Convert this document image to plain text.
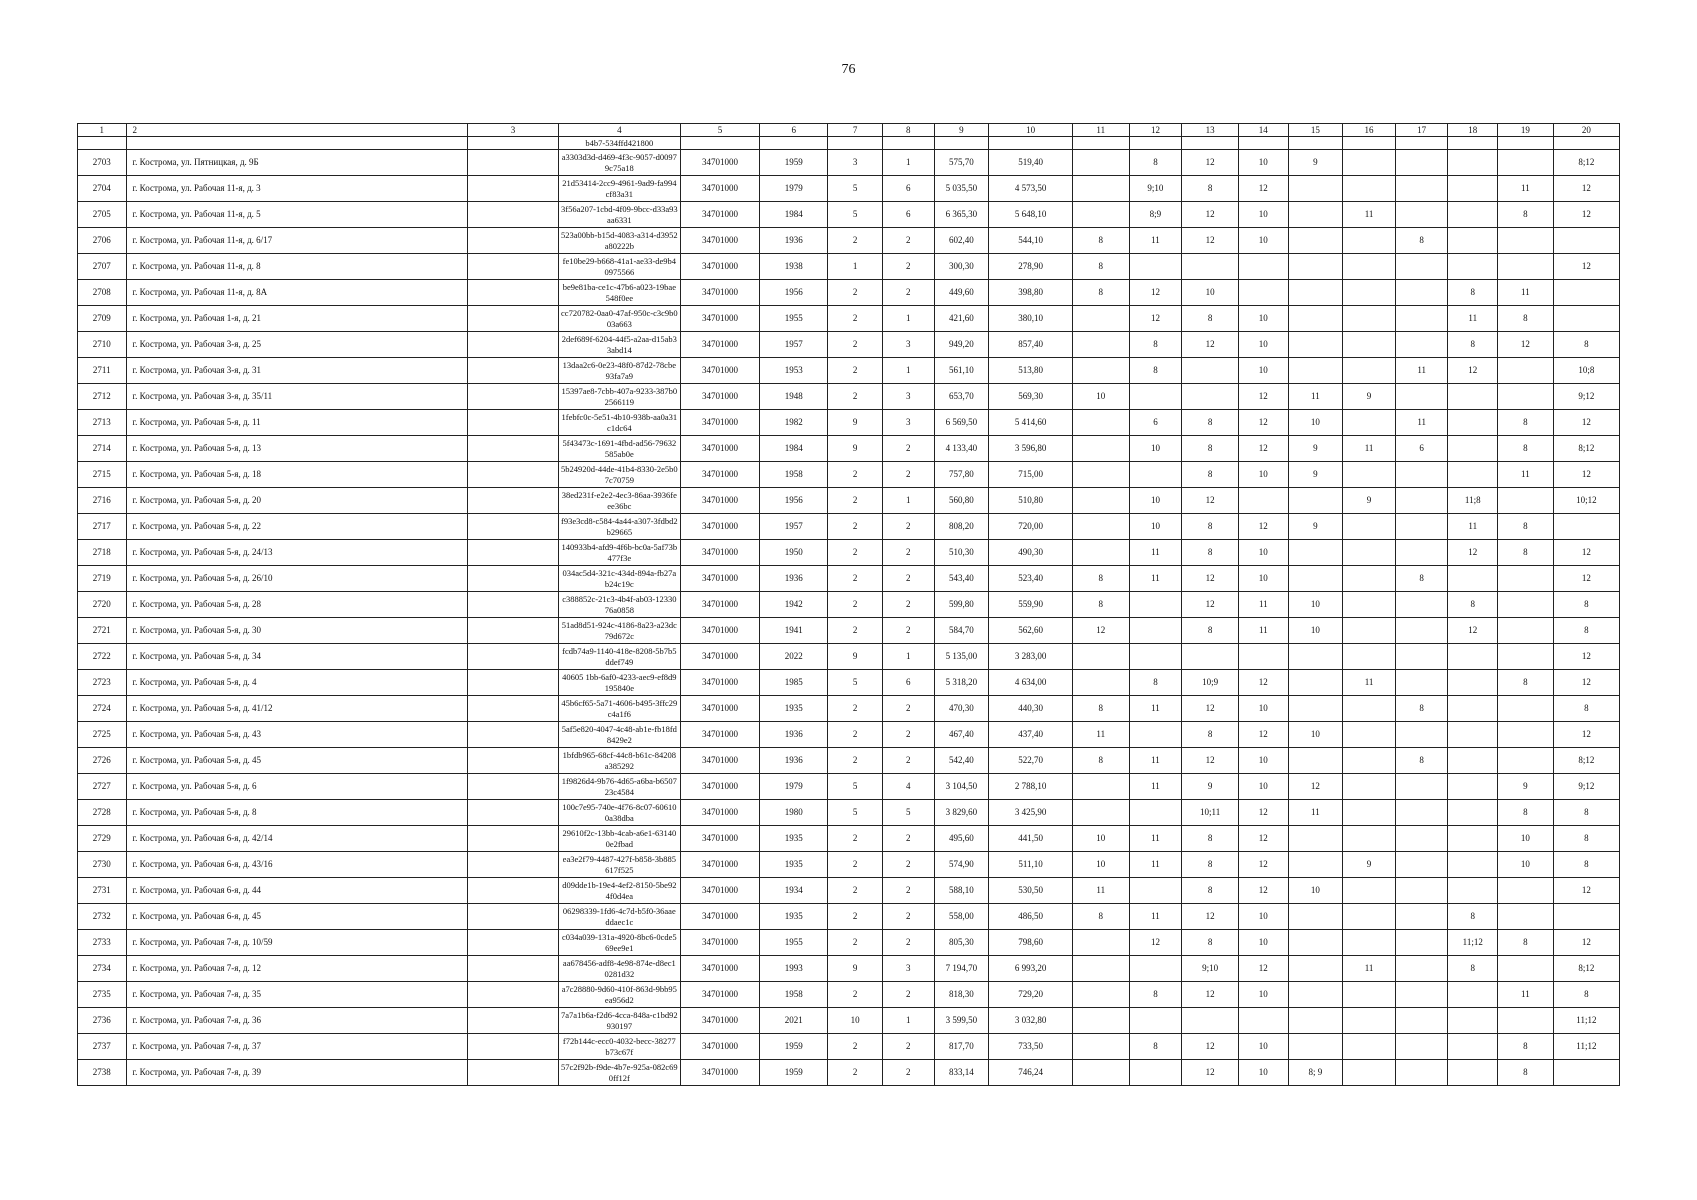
76
1	2	3	4	5	6	7	8	9	10	11	12	13	14	15	16	17	18	19	20
			b4b7-534ffd421800																
2703	г. Кострома, ул. Пятницкая, д. 9Б		a3303d3d-d469-4f3c-9057-d00979c75a18	34701000	1959	3	1	575,70	519,40		8	12	10	9					8;12
2704	г. Кострома, ул. Рабочая 11-я, д. 3		21d53414-2cc9-4961-9ad9-fa994cf83a31	34701000	1979	5	6	5 035,50	4 573,50		9;10	8	12					11	12
2705	г. Кострома, ул. Рабочая 11-я, д. 5		3f56a207-1cbd-4f09-9bcc-d33a93aa6331	34701000	1984	5	6	6 365,30	5 648,10		8;9	12	10		11			8	12
2706	г. Кострома, ул. Рабочая 11-я, д. 6/17		523a00bb-b15d-4083-a314-d3952a80222b	34701000	1936	2	2	602,40	544,10	8	11	12	10			8			
2707	г. Кострома, ул. Рабочая 11-я, д. 8		fe10be29-b668-41a1-ae33-de9b40975566	34701000	1938	1	2	300,30	278,90	8									12
2708	г. Кострома, ул. Рабочая 11-я, д. 8А		be9e81ba-ce1c-47b6-a023-19bae548f0ee	34701000	1956	2	2	449,60	398,80	8	12	10					8	11	
2709	г. Кострома, ул. Рабочая 1-я, д. 21		cc720782-0aa0-47af-950c-c3c9b003a663	34701000	1955	2	1	421,60	380,10		12	8	10				11	8	
2710	г. Кострома, ул. Рабочая 3-я, д. 25		2def689f-6204-44f5-a2aa-d15ab33abd14	34701000	1957	2	3	949,20	857,40		8	12	10				8	12	8
2711	г. Кострома, ул. Рабочая 3-я, д. 31		13daa2c6-0e23-48f0-87d2-78cbe93fa7a9	34701000	1953	2	1	561,10	513,80		8		10			11	12		10;8
2712	г. Кострома, ул. Рабочая 3-я, д. 35/11		15397ae8-7cbb-407a-9233-387b02566119	34701000	1948	2	3	653,70	569,30	10			12	11	9				9;12
2713	г. Кострома, ул. Рабочая 5-я, д. 11		1febfc0c-5e51-4b10-938b-aa0a31c1dc64	34701000	1982	9	3	6 569,50	5 414,60		6	8	12	10		11		8	12
2714	г. Кострома, ул. Рабочая 5-я, д. 13		5f43473c-1691-4fbd-ad56-79632585ab0e	34701000	1984	9	2	4 133,40	3 596,80		10	8	12	9	11	6		8	8;12
2715	г. Кострома, ул. Рабочая 5-я, д. 18		5b24920d-44de-41b4-8330-2e5b07c70759	34701000	1958	2	2	757,80	715,00			8	10	9				11	12
2716	г. Кострома, ул. Рабочая 5-я, д. 20		38ed231f-e2e2-4ec3-86aa-3936feee36bc	34701000	1956	2	1	560,80	510,80		10	12			9		11;8		10;12
2717	г. Кострома, ул. Рабочая 5-я, д. 22		f93e3cd8-c584-4a44-a307-3fdbd2b29665	34701000	1957	2	2	808,20	720,00		10	8	12	9			11	8	
2718	г. Кострома, ул. Рабочая 5-я, д. 24/13		140933b4-afd9-4f6b-bc0a-5af73b477f3e	34701000	1950	2	2	510,30	490,30		11	8	10				12	8	12
2719	г. Кострома, ул. Рабочая 5-я, д. 26/10		034ac5d4-321c-434d-894a-fb27ab24c19c	34701000	1936	2	2	543,40	523,40	8	11	12	10			8			12
2720	г. Кострома, ул. Рабочая 5-я, д. 28		c388852c-21c3-4b4f-ab03-1233076a0858	34701000	1942	2	2	599,80	559,90	8		12	11	10			8		8
2721	г. Кострома, ул. Рабочая 5-я, д. 30		51ad8d51-924c-4186-8a23-a23dc79d672c	34701000	1941	2	2	584,70	562,60	12		8	11	10			12		8
2722	г. Кострома, ул. Рабочая 5-я, д. 34		fcdb74a9-1140-418e-8208-5b7b5ddef749	34701000	2022	9	1	5 135,00	3 283,00										12
2723	г. Кострома, ул. Рабочая 5-я, д. 4		40605 1bb-6af0-4233-aec9-ef8d9195840e	34701000	1985	5	6	5 318,20	4 634,00		8	10;9	12		11			8	12
2724	г. Кострома, ул. Рабочая 5-я, д. 41/12		45b6cf65-5a71-4606-b495-3ffc29c4a1f6	34701000	1935	2	2	470,30	440,30	8	11	12	10			8			8
2725	г. Кострома, ул. Рабочая 5-я, д. 43		5af5e820-4047-4c48-ab1e-fb18fd8429e2	34701000	1936	2	2	467,40	437,40	11		8	12	10					12
2726	г. Кострома, ул. Рабочая 5-я, д. 45		1bfdb965-68cf-44c8-b61c-84208a385292	34701000	1936	2	2	542,40	522,70	8	11	12	10			8			8;12
2727	г. Кострома, ул. Рабочая 5-я, д. 6		1f9826d4-9b76-4d65-a6ba-b650723c4584	34701000	1979	5	4	3 104,50	2 788,10		11	9	10	12				9	9;12
2728	г. Кострома, ул. Рабочая 5-я, д. 8		100c7e95-740e-4f76-8c07-606100a38dba	34701000	1980	5	5	3 829,60	3 425,90			10;11	12	11				8	8
2729	г. Кострома, ул. Рабочая 6-я, д. 42/14		29610f2c-13bb-4cab-a6e1-631400e2fbad	34701000	1935	2	2	495,60	441,50	10	11	8	12					10	8
2730	г. Кострома, ул. Рабочая 6-я, д. 43/16		ea3e2f79-4487-427f-b858-3b885617f525	34701000	1935	2	2	574,90	511,10	10	11	8	12		9			10	8
2731	г. Кострома, ул. Рабочая 6-я, д. 44		d09dde1b-19e4-4ef2-8150-5be924f0d4ea	34701000	1934	2	2	588,10	530,50	11		8	12	10					12
2732	г. Кострома, ул. Рабочая 6-я, д. 45		06298339-1fd6-4c7d-b5f0-36aaeddaec1c	34701000	1935	2	2	558,00	486,50	8	11	12	10				8		
2733	г. Кострома, ул. Рабочая 7-я, д. 10/59		c034a039-131a-4920-8bc6-0cde569ee9e1	34701000	1955	2	2	805,30	798,60		12	8	10				11;12	8	12
2734	г. Кострома, ул. Рабочая 7-я, д. 12		aa678456-adf8-4e98-874e-d8ec10281d32	34701000	1993	9	3	7 194,70	6 993,20			9;10	12		11		8		8;12
2735	г. Кострома, ул. Рабочая 7-я, д. 35		a7c28880-9d60-410f-863d-9bb95ea956d2	34701000	1958	2	2	818,30	729,20		8	12	10					11	8
2736	г. Кострома, ул. Рабочая 7-я, д. 36		7a7a1b6a-f2d6-4cca-848a-c1bd92930197	34701000	2021	10	1	3 599,50	3 032,80										11;12
2737	г. Кострома, ул. Рабочая 7-я, д. 37		f72b144c-ecc0-4032-becc-38277b73c67f	34701000	1959	2	2	817,70	733,50		8	12	10					8	11;12
2738	г. Кострома, ул. Рабочая 7-я, д. 39		57c2f92b-f9de-4b7e-925a-082c690ff12f	34701000	1959	2	2	833,14	746,24			12	10	8; 9				8	
